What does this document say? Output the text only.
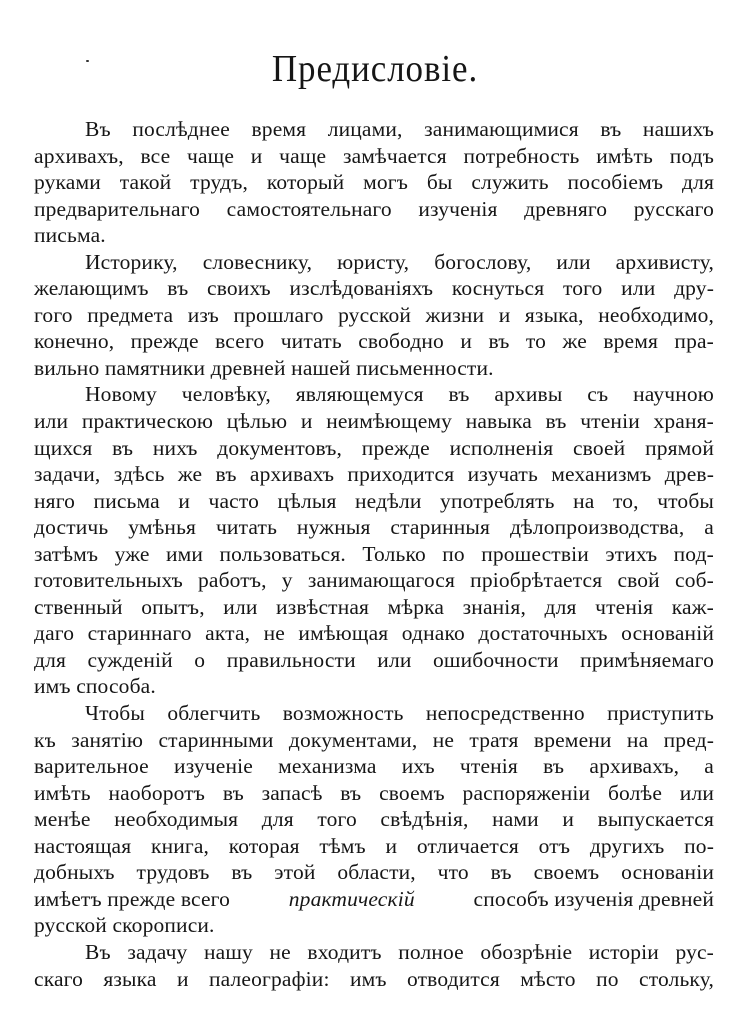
Предисловіе.
Въ послѣднее время лицами, занимающимися въ нашихъ
архивахъ, все чаще и чаще замѣчается потребность имѣть подъ
руками такой трудъ, который могъ бы служить пособіемъ для
предварительнаго самостоятельнаго изученія древняго русскаго
письма.
Историку, словеснику, юристу, богослову, или архивисту,
желающимъ въ своихъ изслѣдованіяхъ коснуться того или дру-
гого предмета изъ прошлаго русской жизни и языка, необходимо,
конечно, прежде всего читать свободно и въ то же время пра-
вильно памятники древней нашей письменности.
Новому человѣку, являющемуся въ архивы съ научною
или практическою цѣлью и неимѣющему навыка въ чтеніи храня-
щихся въ нихъ документовъ, прежде исполненія своей прямой
задачи, здѣсь же въ архивахъ приходится изучать механизмъ древ-
няго письма и часто цѣлыя недѣли употреблять на то, чтобы
достичь умѣнья читать нужныя старинныя дѣлопроизводства, а
затѣмъ уже ими пользоваться. Только по прошествіи этихъ под-
готовительныхъ работъ, у занимающагося пріобрѣтается свой соб-
ственный опытъ, или извѣстная мѣрка знанія, для чтенія каж-
даго стариннаго акта, не имѣющая однако достаточныхъ основаній
для сужденій о правильности или ошибочности примѣняемаго
имъ способа.
Чтобы облегчить возможность непосредственно приступить
къ занятію старинными документами, не тратя времени на пред-
варительное изученіе механизма ихъ чтенія въ архивахъ, а
имѣть наоборотъ въ запасѣ въ своемъ распоряженіи болѣе или
менѣе необходимыя для того свѣдѣнія, нами и выпускается
настоящая книга, которая тѣмъ и отличается отъ другихъ по-
добныхъ трудовъ въ этой области, что въ своемъ основаніи
имѣетъ прежде всего	практическій	способъ изученія древней
русской скорописи.
Въ задачу нашу не входитъ полное обозрѣніе исторіи рус-
скаго языка и палеографіи: имъ отводится мѣсто по стольку,
